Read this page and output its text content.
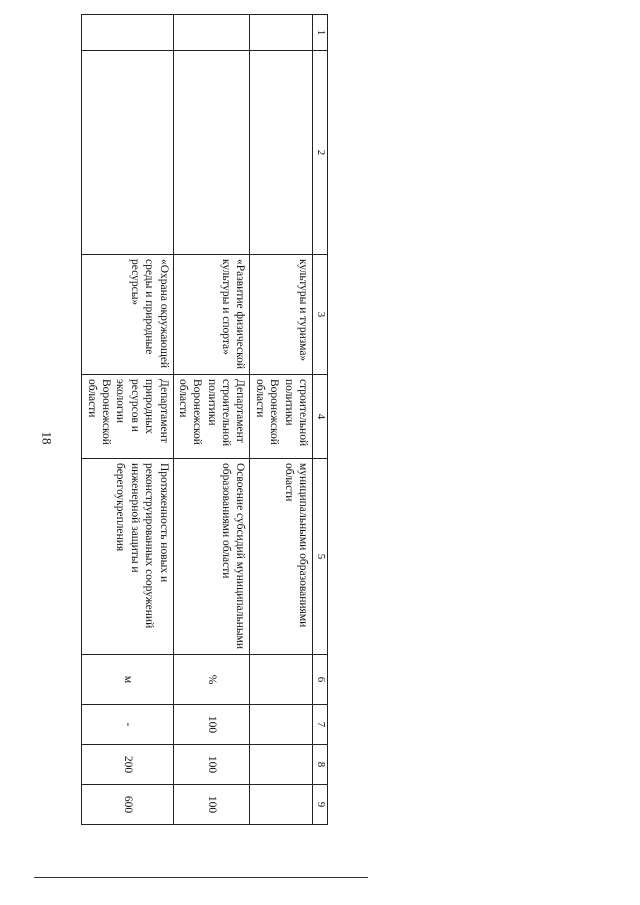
18
1	2	3	4	5	6	7	8	9
		культуры и туризма»	строительной политики Воронежской области	муниципальными образованиями области				
		«Развитие физической культуры и спорта»	Департамент строительной политики Воронежской области	Освоение субсидий муниципальными образованиями области	%	100	100	100
		«Охрана окружающей среды и природные ресурсы»	Департамент природных ресурсов и экологии Воронежской области	Протяженность новых и реконструированных сооружений инженерной защиты и берегоукрепления	м	-	200	600
